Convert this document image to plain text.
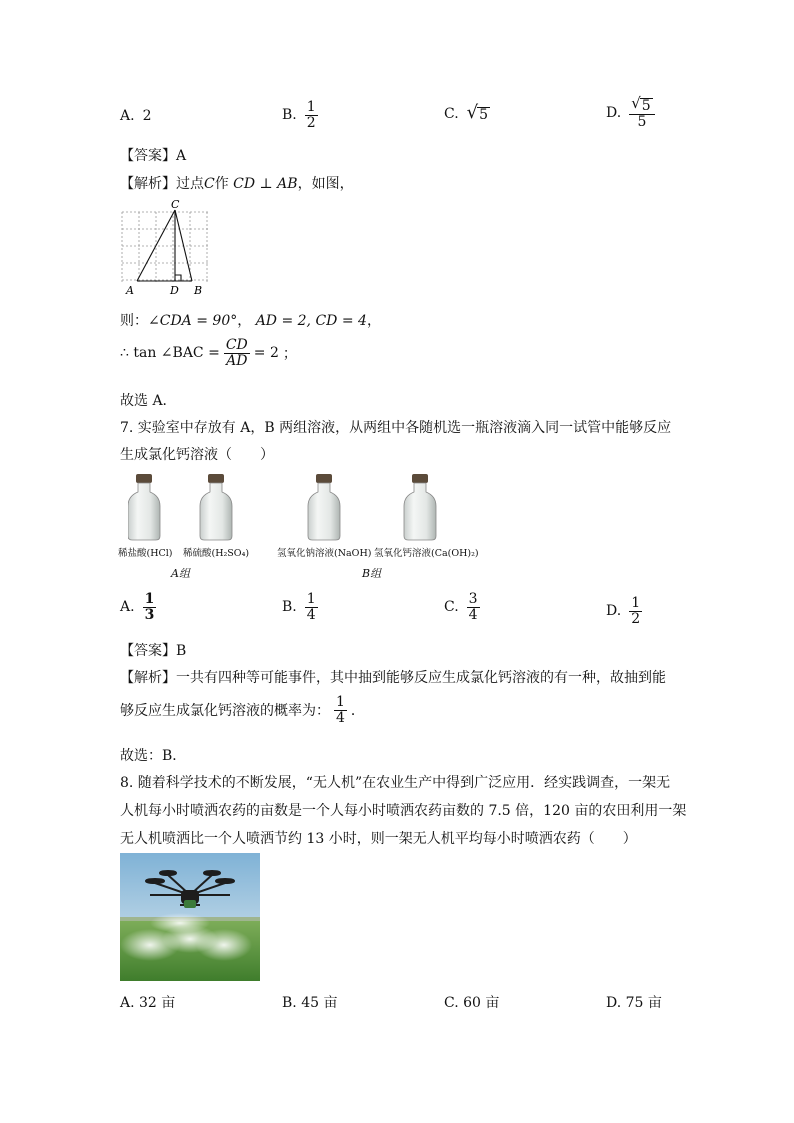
A. 2	B. $\frac{1}{2}$	C. √ 5	D. $\frac{√ 5}{5}$
【答案】A
【解析】过点C作 CD ⊥ AB，如图，
C
A	D B
则：∠CDA = 90°， AD = 2, CD = 4，
∴ tan ∠BAC = $\frac{CD}{AD} = 2$ ；
故选 A．
7. 实验室中存放有 A，B 两组溶液，从两组中各随机选一瓶溶液滴入同一试管中能够反应
生成氯化钙溶液（　　）
稀盐酸(HCl) 稀硫酸(H₂SO₄)	氢氧化钠溶液(NaOH) 氢氧化钙溶液(Ca(OH)₂)
A组	B组
A. $\frac{1}{3}$	B. $\frac{1}{4}$	C. $\frac{3}{4}$	D. $\frac{1}{2}$
【答案】B
【解析】一共有四种等可能事件，其中抽到能够反应生成氯化钙溶液的有一种，故抽到能
够反应生成氯化钙溶液的概率为： $\frac{1}{4}$ ．
故选：B．
8. 随着科学技术的不断发展，“无人机”在农业生产中得到广泛应用．经实践调查，一架无
人机每小时喷洒农药的亩数是一个人每小时喷洒农药亩数的 7.5 倍，120 亩的农田利用一架
无人机喷洒比一个人喷洒节约 13 小时，则一架无人机平均每小时喷洒农药（　　）
A. 32 亩	B. 45 亩	C. 60 亩	D. 75 亩
